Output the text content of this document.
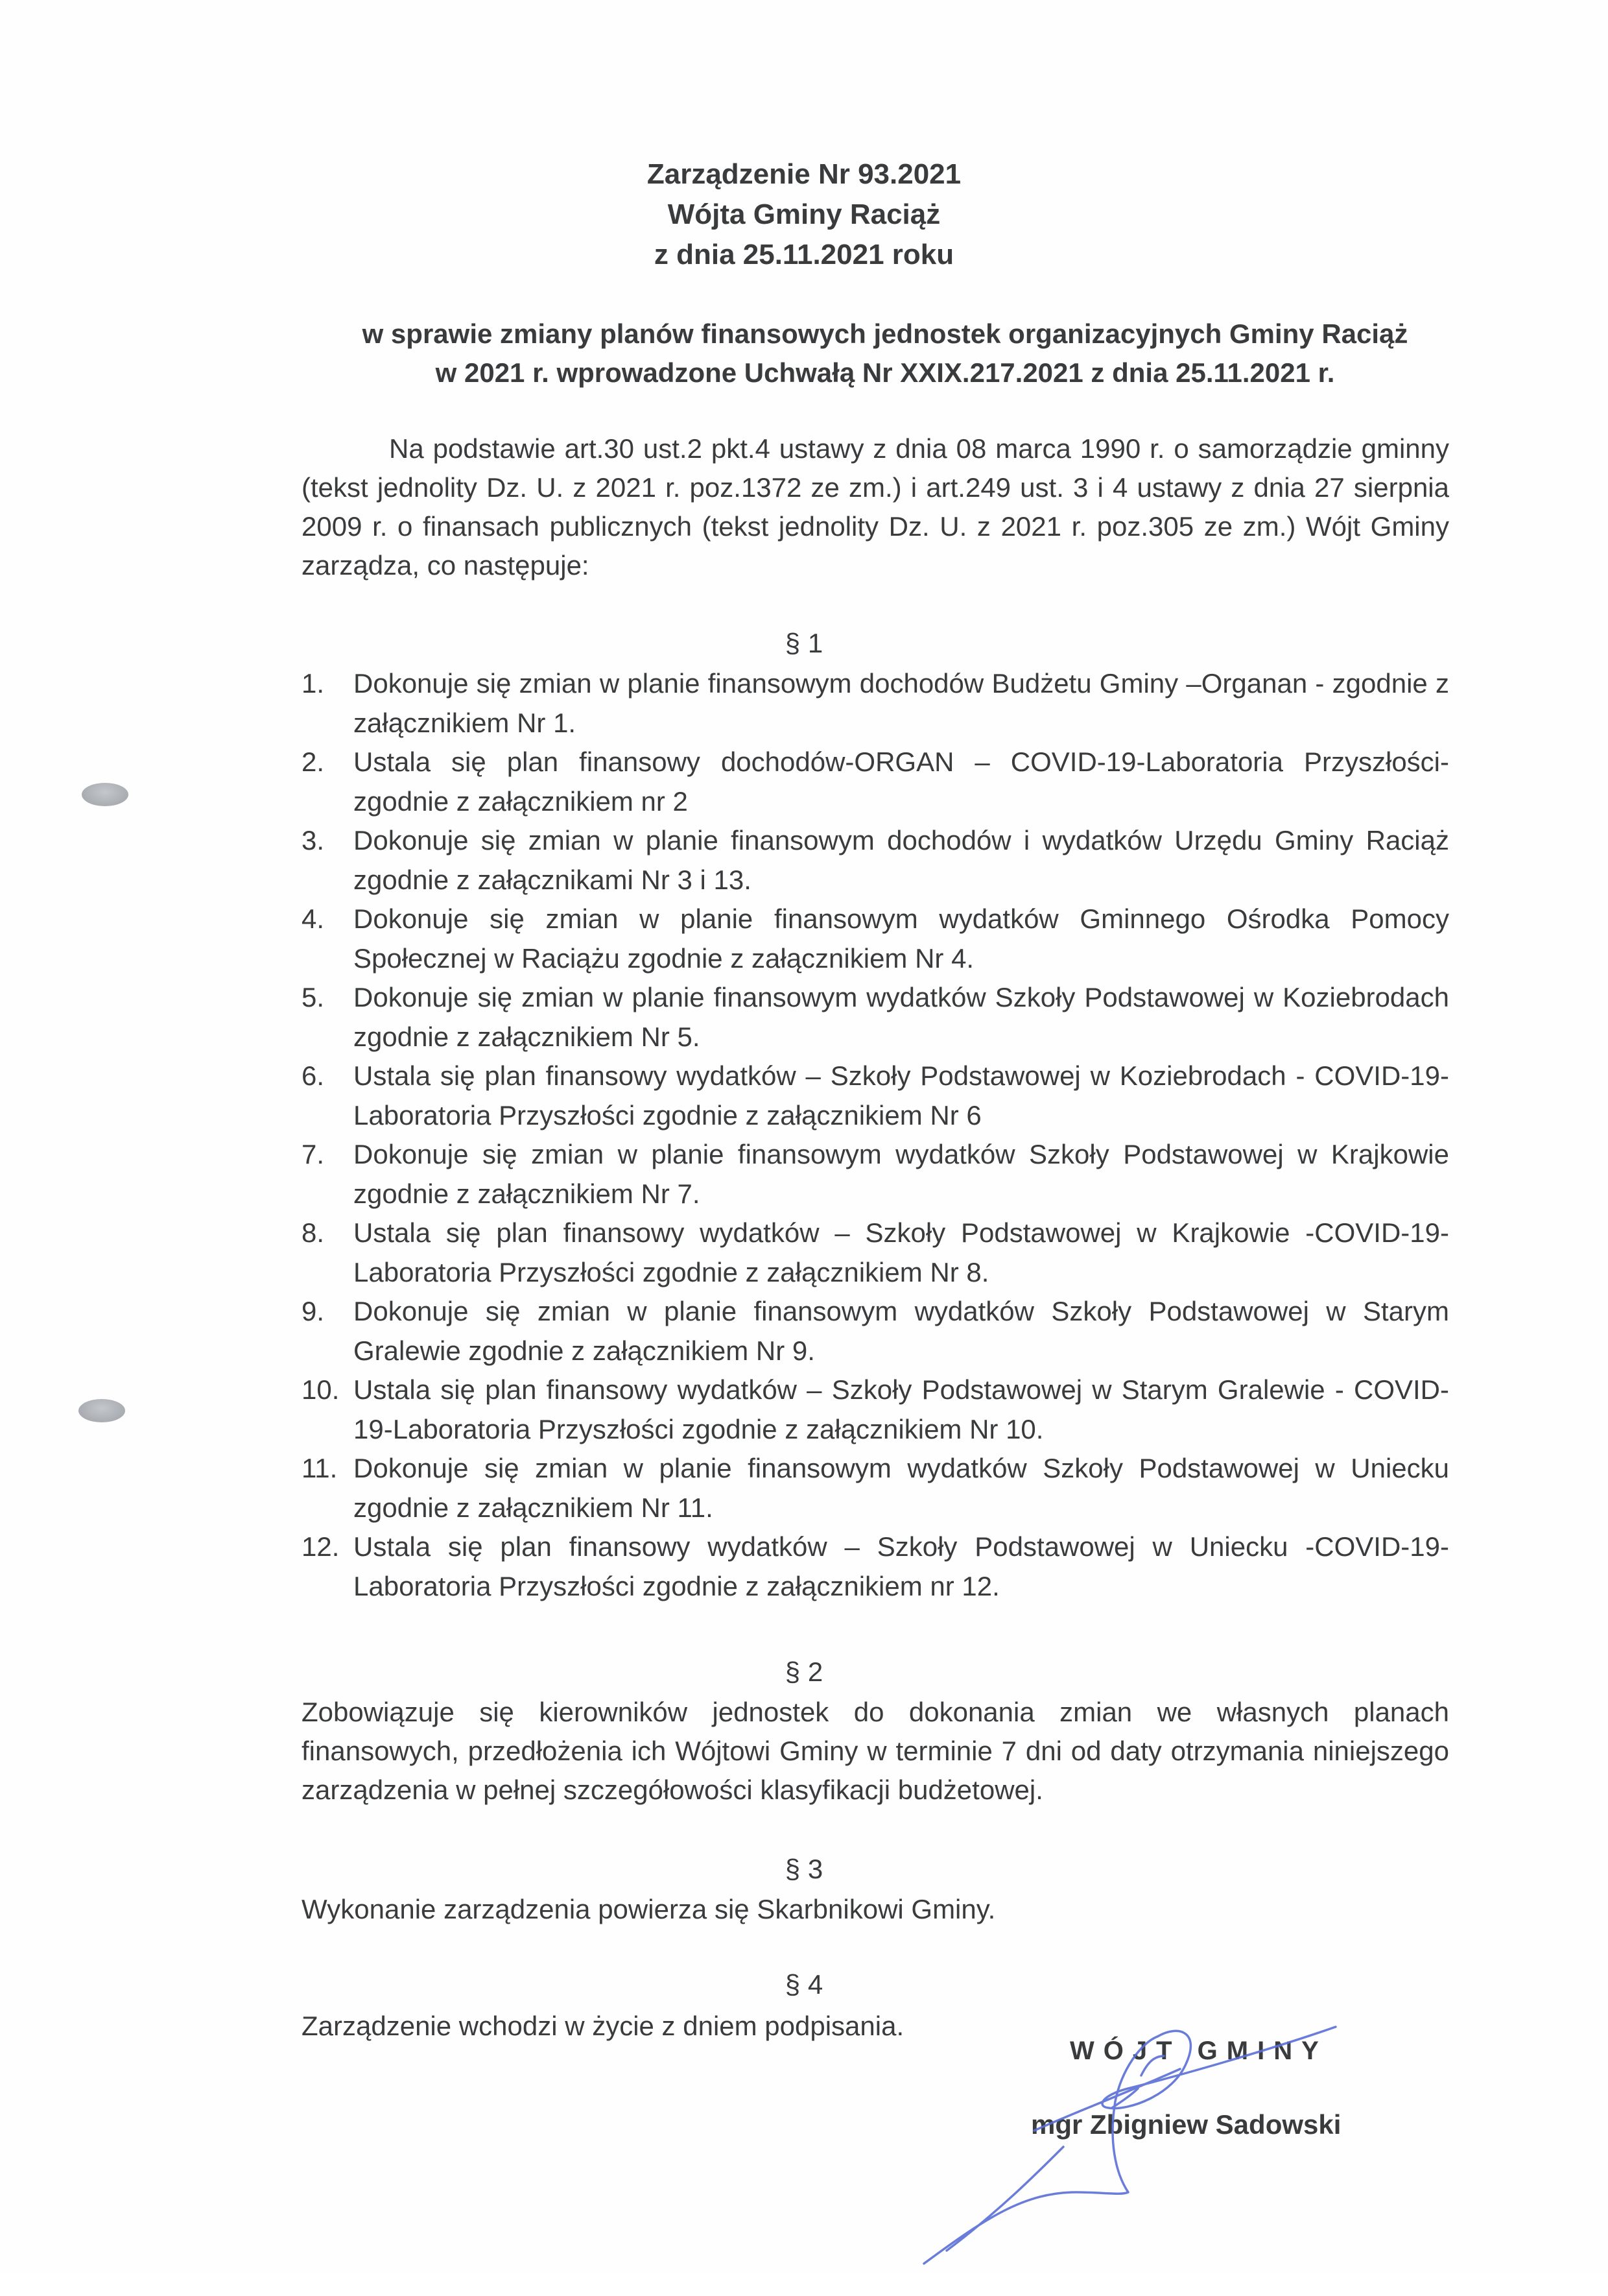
Zarządzenie Nr 93.2021
Wójta Gminy Raciąż
z dnia 25.11.2021 roku
w sprawie zmiany planów finansowych jednostek organizacyjnych Gminy Raciąż
w 2021 r. wprowadzone Uchwałą Nr XXIX.217.2021 z dnia 25.11.2021 r.
Na podstawie art.30 ust.2 pkt.4 ustawy z dnia 08 marca 1990 r. o samorządzie gminny (tekst jednolity Dz. U. z 2021 r. poz.1372 ze zm.) i art.249 ust. 3 i 4 ustawy z dnia 27 sierpnia 2009 r. o finansach publicznych (tekst jednolity Dz. U. z 2021 r. poz.305 ze zm.) Wójt Gminy zarządza, co następuje:
§ 1
1. Dokonuje się zmian w planie finansowym dochodów Budżetu Gminy –Organan - zgodnie z załącznikiem Nr 1.
2. Ustala się plan finansowy dochodów-ORGAN – COVID-19-Laboratoria Przyszłości- zgodnie z załącznikiem nr 2
3. Dokonuje się zmian w planie finansowym dochodów i wydatków Urzędu Gminy Raciąż zgodnie z załącznikami Nr 3 i 13.
4. Dokonuje się zmian w planie finansowym wydatków Gminnego Ośrodka Pomocy Społecznej w Raciążu zgodnie z załącznikiem Nr 4.
5. Dokonuje się zmian w planie finansowym wydatków Szkoły Podstawowej w Koziebrodach zgodnie z załącznikiem Nr 5.
6. Ustala się plan finansowy wydatków – Szkoły Podstawowej w Koziebrodach - COVID-19-Laboratoria Przyszłości zgodnie z załącznikiem Nr 6
7. Dokonuje się zmian w planie finansowym wydatków Szkoły Podstawowej w Krajkowie zgodnie z załącznikiem Nr 7.
8. Ustala się plan finansowy wydatków – Szkoły Podstawowej w Krajkowie -COVID-19-Laboratoria Przyszłości zgodnie z załącznikiem Nr 8.
9. Dokonuje się zmian w planie finansowym wydatków Szkoły Podstawowej w Starym Gralewie zgodnie z załącznikiem Nr 9.
10. Ustala się plan finansowy wydatków – Szkoły Podstawowej w Starym Gralewie - COVID-19-Laboratoria Przyszłości zgodnie z załącznikiem Nr 10.
11. Dokonuje się zmian w planie finansowym wydatków Szkoły Podstawowej w Uniecku zgodnie z załącznikiem Nr 11.
12. Ustala się plan finansowy wydatków – Szkoły Podstawowej w Uniecku -COVID-19-Laboratoria Przyszłości zgodnie z załącznikiem nr 12.
§ 2
Zobowiązuje się kierowników jednostek do dokonania zmian we własnych planach finansowych, przedłożenia ich Wójtowi Gminy w terminie 7 dni od daty otrzymania niniejszego zarządzenia w pełnej szczegółowości klasyfikacji budżetowej.
§ 3
Wykonanie zarządzenia powierza się Skarbnikowi Gminy.
§ 4
Zarządzenie wchodzi w życie z dniem podpisania.
WÓJT GMINY
mgr Zbigniew Sadowski
